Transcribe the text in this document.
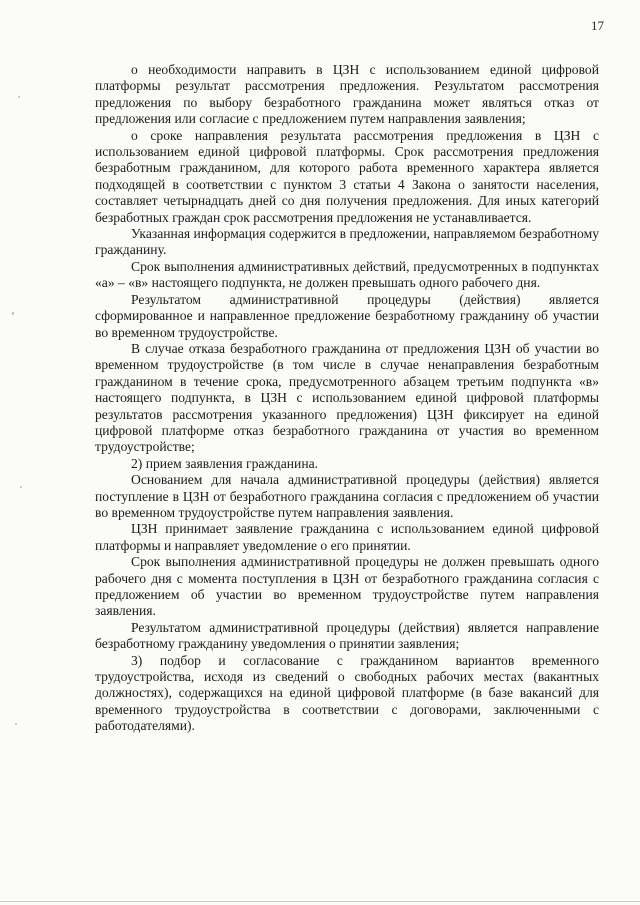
17

о необходимости направить в ЦЗН с использованием единой цифровой платформы результат рассмотрения предложения. Результатом рассмотрения предложения по выбору безработного гражданина может являться отказ от предложения или согласие с предложением путем направления заявления;

о сроке направления результата рассмотрения предложения в ЦЗН с использованием единой цифровой платформы. Срок рассмотрения предложения безработным гражданином, для которого работа временного характера является подходящей в соответствии с пунктом 3 статьи 4 Закона о занятости населения, составляет четырнадцать дней со дня получения предложения. Для иных категорий безработных граждан срок рассмотрения предложения не устанавливается.

Указанная информация содержится в предложении, направляемом безработному гражданину.

Срок выполнения административных действий, предусмотренных в подпунктах «а» – «в» настоящего подпункта, не должен превышать одного рабочего дня.

Результатом административной процедуры (действия) является сформированное и направленное предложение безработному гражданину об участии во временном трудоустройстве.

В случае отказа безработного гражданина от предложения ЦЗН об участии во временном трудоустройстве (в том числе в случае ненаправления безработным гражданином в течение срока, предусмотренного абзацем третьим подпункта «в» настоящего подпункта, в ЦЗН с использованием единой цифровой платформы результатов рассмотрения указанного предложения) ЦЗН фиксирует на единой цифровой платформе отказ безработного гражданина от участия во временном трудоустройстве;

2) прием заявления гражданина.

Основанием для начала административной процедуры (действия) является поступление в ЦЗН от безработного гражданина согласия с предложением об участии во временном трудоустройстве путем направления заявления.

ЦЗН принимает заявление гражданина с использованием единой цифровой платформы и направляет уведомление о его принятии.

Срок выполнения административной процедуры не должен превышать одного рабочего дня с момента поступления в ЦЗН от безработного гражданина согласия с предложением об участии во временном трудоустройстве путем направления заявления.

Результатом административной процедуры (действия) является направление безработному гражданину уведомления о принятии заявления;

3) подбор и согласование с гражданином вариантов временного трудоустройства, исходя из сведений о свободных рабочих местах (вакантных должностях), содержащихся на единой цифровой платформе (в базе вакансий для временного трудоустройства в соответствии с договорами, заключенными с работодателями).
